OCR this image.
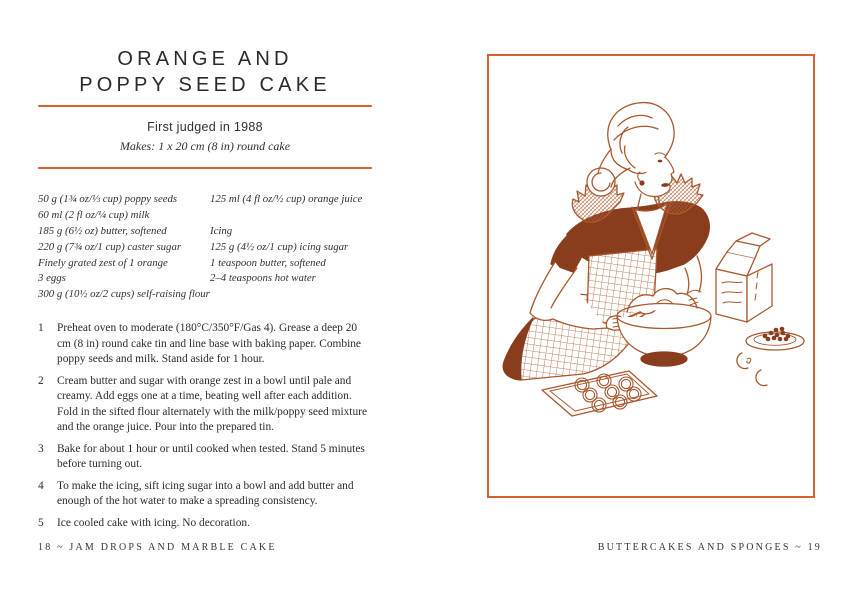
ORANGE AND
POPPY SEED CAKE
First judged in 1988
Makes: 1 x 20 cm (8 in) round cake
50 g (1¾ oz/⅓ cup) poppy seeds
60 ml (2 fl oz/¼ cup) milk
185 g (6½ oz) butter, softened
220 g (7¾ oz/1 cup) caster sugar
Finely grated zest of 1 orange
3 eggs
300 g (10½ oz/2 cups) self-raising flour
125 ml (4 fl oz/½ cup) orange juice
Icing
125 g (4½ oz/1 cup) icing sugar
1 teaspoon butter, softened
2–4 teaspoons hot water
1	Preheat oven to moderate (180°C/350°F/Gas 4). Grease a deep 20 cm (8 in) round cake tin and line base with baking paper. Combine poppy seeds and milk. Stand aside for 1 hour.
2	Cream butter and sugar with orange zest in a bowl until pale and creamy. Add eggs one at a time, beating well after each addition. Fold in the sifted flour alternately with the milk/poppy seed mixture and the orange juice. Pour into the prepared tin.
3	Bake for about 1 hour or until cooked when tested. Stand 5 minutes before turning out.
4	To make the icing, sift icing sugar into a bowl and add butter and enough of the hot water to make a spreading consistency.
5	Ice cooled cake with icing. No decoration.
18 ~ JAM DROPS AND MARBLE CAKE	BUTTERCAKES AND SPONGES ~ 19
